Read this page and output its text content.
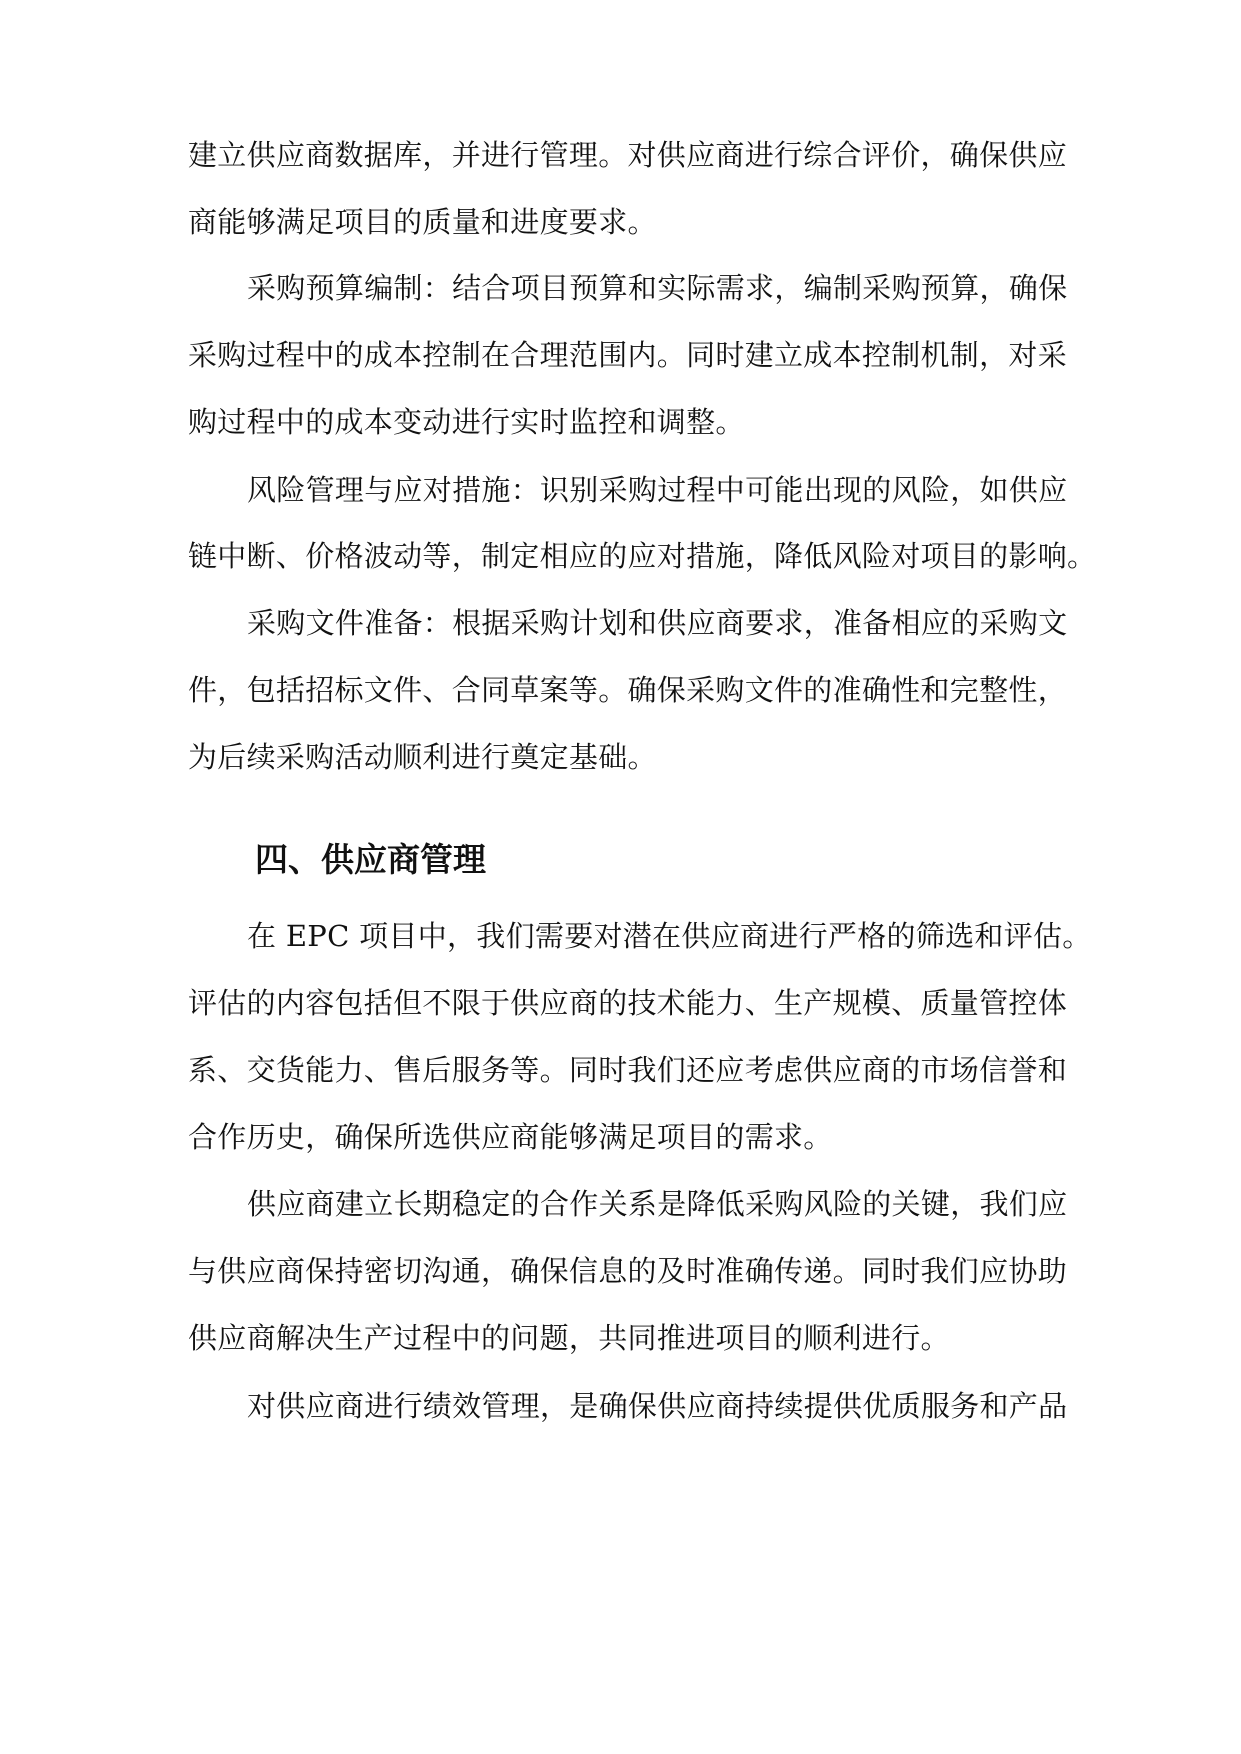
建立供应商数据库，并进行管理。对供应商进行综合评价，确保供应
商能够满足项目的质量和进度要求。
采购预算编制：结合项目预算和实际需求，编制采购预算，确保
采购过程中的成本控制在合理范围内。同时建立成本控制机制，对采
购过程中的成本变动进行实时监控和调整。
风险管理与应对措施：识别采购过程中可能出现的风险，如供应
链中断、价格波动等，制定相应的应对措施，降低风险对项目的影响。
采购文件准备：根据采购计划和供应商要求，准备相应的采购文
件，包括招标文件、合同草案等。确保采购文件的准确性和完整性，
为后续采购活动顺利进行奠定基础。
四、供应商管理
在 EPC 项目中，我们需要对潜在供应商进行严格的筛选和评估。
评估的内容包括但不限于供应商的技术能力、生产规模、质量管控体
系、交货能力、售后服务等。同时我们还应考虑供应商的市场信誉和
合作历史，确保所选供应商能够满足项目的需求。
供应商建立长期稳定的合作关系是降低采购风险的关键，我们应
与供应商保持密切沟通，确保信息的及时准确传递。同时我们应协助
供应商解决生产过程中的问题，共同推进项目的顺利进行。
对供应商进行绩效管理，是确保供应商持续提供优质服务和产品
